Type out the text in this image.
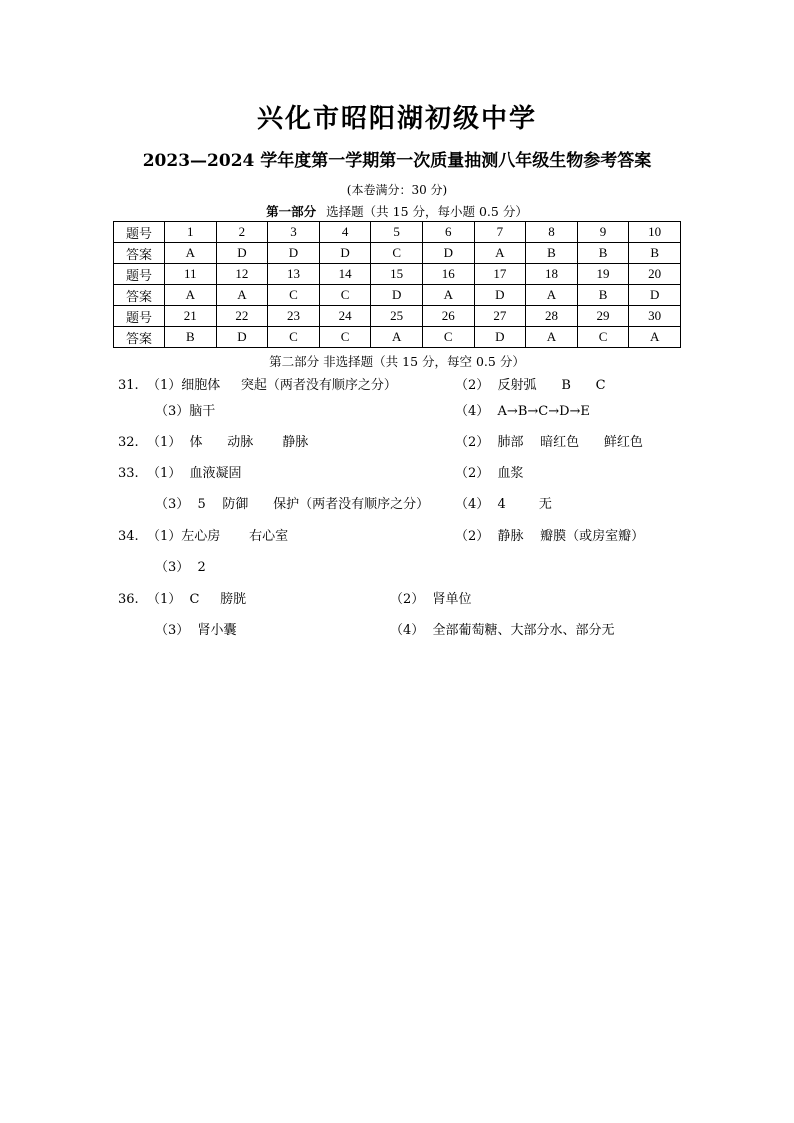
兴化市昭阳湖初级中学
2023—2024 学年度第一学期第一次质量抽测八年级生物参考答案
(本卷满分：30 分)
第一部分 选择题（共 15 分，每小题 0.5 分）
题号	1	2	3	4	5	6	7	8	9	10
答案	A	D	D	D	C	D	A	B	B	B
题号	11	12	13	14	15	16	17	18	19	20
答案	A	A	C	C	D	A	D	A	B	D
题号	21	22	23	24	25	26	27	28	29	30
答案	B	D	C	C	A	C	D	A	C	A
第二部分 非选择题（共 15 分，每空 0.5 分）
31.  （1）细胞体     突起（两者没有顺序之分）	（2）  反射弧      B      C
（3）脑干	（4）  A→B→C→D→E
32.  （1）  体      动脉       静脉	（2）  肺部    暗红色      鲜红色
33.  （1）  血液凝固	（2）  血浆
（3）  5    防御      保护（两者没有顺序之分） （4）  4        无
34.  （1）左心房       右心室	（2）  静脉    瓣膜（或房室瓣）
（3）  2
36.  （1）  C     膀胱	（2）  肾单位
（3）  肾小囊	（4）  全部葡萄糖、大部分水、部分无
